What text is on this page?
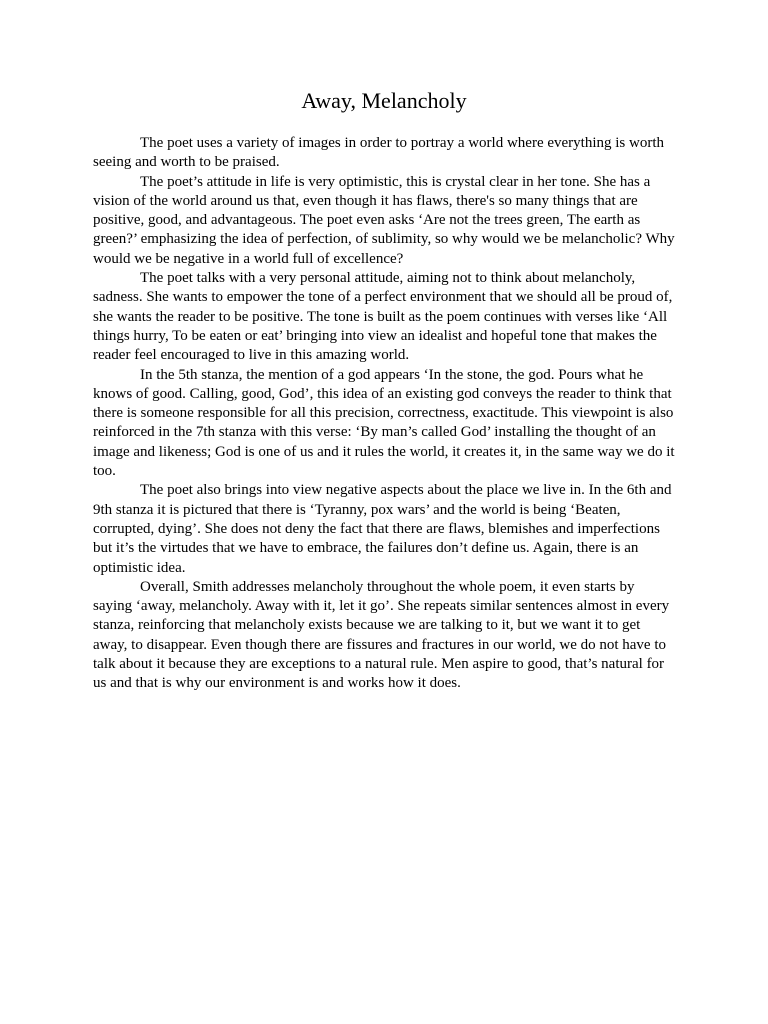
Away, Melancholy

The poet uses a variety of images in order to portray a world where everything is worth seeing and worth to be praised.

The poet’s attitude in life is very optimistic, this is crystal clear in her tone. She has a vision of the world around us that, even though it has flaws, there's so many things that are positive, good, and advantageous. The poet even asks ‘Are not the trees green, The earth as green?’ emphasizing the idea of perfection, of sublimity, so why would we be melancholic? Why would we be negative in a world full of excellence?

The poet talks with a very personal attitude, aiming not to think about melancholy, sadness. She wants to empower the tone of a perfect environment that we should all be proud of, she wants the reader to be positive. The tone is built as the poem continues with verses like ‘All things hurry, To be eaten or eat’ bringing into view an idealist and hopeful tone that makes the reader feel encouraged to live in this amazing world.

In the 5th stanza, the mention of a god appears ‘In the stone, the god. Pours what he knows of good. Calling, good, God’, this idea of an existing god conveys the reader to think that there is someone responsible for all this precision, correctness, exactitude. This viewpoint is also reinforced in the 7th stanza with this verse: ‘By man’s called God’ installing the thought of an image and likeness; God is one of us and it rules the world, it creates it, in the same way we do it too.

The poet also brings into view negative aspects about the place we live in. In the 6th and 9th stanza it is pictured that there is ‘Tyranny, pox wars’ and the world is being ‘Beaten, corrupted, dying’. She does not deny the fact that there are flaws, blemishes and imperfections but it’s the virtudes that we have to embrace, the failures don’t define us. Again, there is an optimistic idea.

Overall, Smith addresses melancholy throughout the whole poem, it even starts by saying ‘away, melancholy. Away with it, let it go’. She repeats similar sentences almost in every stanza, reinforcing that melancholy exists because we are talking to it, but we want it to get away, to disappear. Even though there are fissures and fractures in our world, we do not have to talk about it because they are exceptions to a natural rule. Men aspire to good, that’s natural for us and that is why our environment is and works how it does.
